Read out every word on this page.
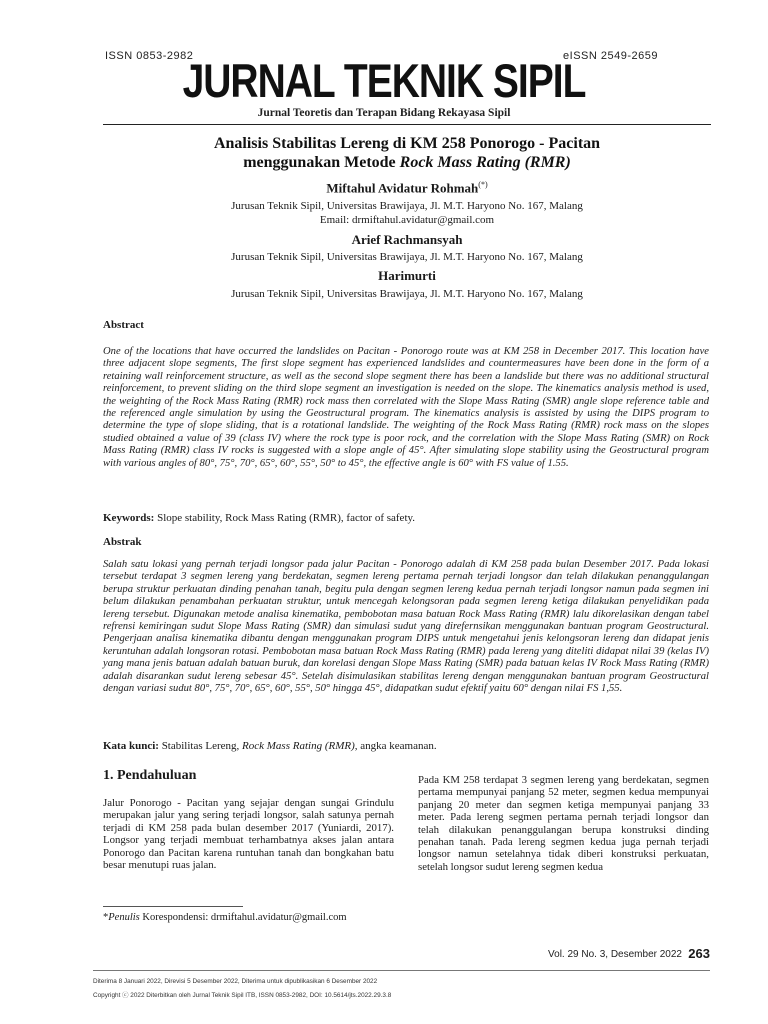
ISSN 0853-2982	eISSN 2549-2659
JURNAL TEKNIK SIPIL
Jurnal Teoretis dan Terapan Bidang Rekayasa Sipil
Analisis Stabilitas Lereng di KM 258 Ponorogo - Pacitan
menggunakan Metode Rock Mass Rating (RMR)
Miftahul Avidatur Rohmah(*)
Jurusan Teknik Sipil, Universitas Brawijaya, Jl. M.T. Haryono No. 167, Malang
Email: drmiftahul.avidatur@gmail.com
Arief Rachmansyah
Jurusan Teknik Sipil, Universitas Brawijaya, Jl. M.T. Haryono No. 167, Malang
Harimurti
Jurusan Teknik Sipil, Universitas Brawijaya, Jl. M.T. Haryono No. 167, Malang
Abstract
One of the locations that have occurred the landslides on Pacitan - Ponorogo route was at KM 258 in December 2017. This location have three adjacent slope segments, The first slope segment has experienced landslides and countermeasures have been done in the form of a retaining wall reinforcement structure, as well as the second slope segment there has been a landslide but there was no additional structural reinforcement, to prevent sliding on the third slope segment an investigation is needed on the slope. The kinematics analysis method is used, the weighting of the Rock Mass Rating (RMR) rock mass then correlated with the Slope Mass Rating (SMR) angle slope reference table and the referenced angle simulation by using the Geostructural program. The kinematics analysis is assisted by using the DIPS program to determine the type of slope sliding, that is a rotational landslide. The weighting of the Rock Mass Rating (RMR) rock mass on the slopes studied obtained a value of 39 (class IV) where the rock type is poor rock, and the correlation with the Slope Mass Rating (SMR) on Rock Mass Rating (RMR) class IV rocks is suggested with a slope angle of 45°. After simulating slope stability using the Geostructural program with various angles of 80°, 75°, 70°, 65°, 60°, 55°, 50° to 45°, the effective angle is 60° with FS value of 1.55.
Keywords: Slope stability, Rock Mass Rating (RMR), factor of safety.
Abstrak
Salah satu lokasi yang pernah terjadi longsor pada jalur Pacitan - Ponorogo adalah di KM 258 pada bulan Desember 2017. Pada lokasi tersebut terdapat 3 segmen lereng yang berdekatan, segmen lereng pertama pernah terjadi longsor dan telah dilakukan penanggulangan berupa struktur perkuatan dinding penahan tanah, begitu pula dengan segmen lereng kedua pernah terjadi longsor namun pada segmen ini belum dilakukan penambahan perkuatan struktur, untuk mencegah kelongsoran pada segmen lereng ketiga dilakukan penyelidikan pada lereng tersebut. Digunakan metode analisa kinematika, pembobotan masa batuan Rock Mass Rating (RMR) lalu dikorelasikan dengan tabel refrensi kemiringan sudut Slope Mass Rating (SMR) dan simulasi sudut yang direfernsikan menggunakan bantuan program Geostructural. Pengerjaan analisa kinematika dibantu dengan menggunakan program DIPS untuk mengetahui jenis kelongsoran lereng dan didapat jenis keruntuhan adalah longsoran rotasi. Pembobotan masa batuan Rock Mass Rating (RMR) pada lereng yang diteliti didapat nilai 39 (kelas IV) yang mana jenis batuan adalah batuan buruk, dan korelasi dengan Slope Mass Rating (SMR) pada batuan kelas IV Rock Mass Rating (RMR) adalah disarankan sudut lereng sebesar 45°. Setelah disimulasikan stabilitas lereng dengan menggunakan bantuan program Geostructural dengan variasi sudut 80°, 75°, 70°, 65°, 60°, 55°, 50° hingga 45°, didapatkan sudut efektif yaitu 60° dengan nilai FS 1,55.
Kata kunci: Stabilitas Lereng, Rock Mass Rating (RMR), angka keamanan.
1. Pendahuluan
Jalur Ponorogo - Pacitan yang sejajar dengan sungai Grindulu merupakan jalur yang sering terjadi longsor, salah satunya pernah terjadi di KM 258 pada bulan desember 2017 (Yuniardi, 2017). Longsor yang terjadi membuat terhambatnya akses jalan antara Ponorogo dan Pacitan karena runtuhan tanah dan bongkahan batu besar menutupi ruas jalan.
Pada KM 258 terdapat 3 segmen lereng yang berdekatan, segmen pertama mempunyai panjang 52 meter, segmen kedua mempunyai panjang 20 meter dan segmen ketiga mempunyai panjang 33 meter. Pada lereng segmen pertama pernah terjadi longsor dan telah dilakukan penanggulangan berupa konstruksi dinding penahan tanah. Pada lereng segmen kedua juga pernah terjadi longsor namun setelahnya tidak diberi konstruksi perkuatan, setelah longsor sudut lereng segmen kedua
*Penulis Korespondensi: drmiftahul.avidatur@gmail.com
Vol. 29 No. 3, Desember 2022 263
Diterima 8 Januari 2022, Direvisi 5 Desember 2022, Diterima untuk dipublikasikan 6 Desember 2022
Copyright ⓒ 2022 Diterbitkan oleh Jurnal Teknik Sipil ITB, ISSN 0853-2982, DOI: 10.5614/jts.2022.29.3.8
